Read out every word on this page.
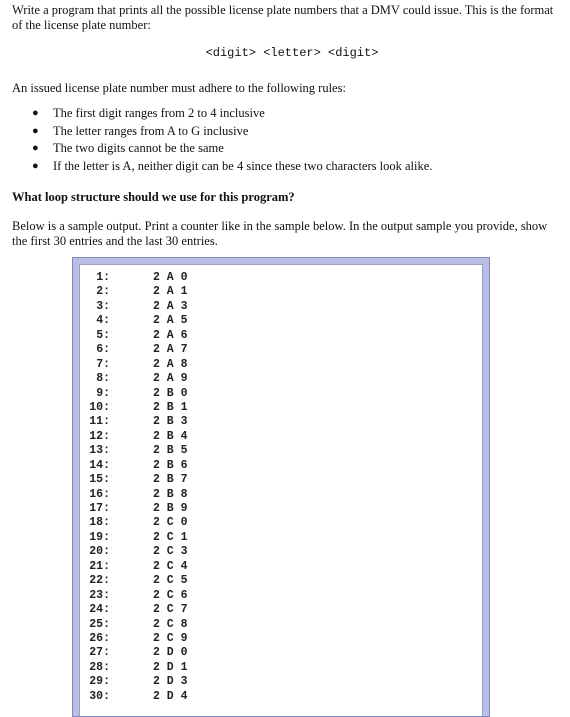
Write a program that prints all the possible license plate numbers that a DMV could issue. This is the format of the license plate number:

<digit> <letter> <digit>

An issued license plate number must adhere to the following rules:

● The first digit ranges from 2 to 4 inclusive
● The letter ranges from A to G inclusive
● The two digits cannot be the same
● If the letter is A, neither digit can be 4 since these two characters look alike.

What loop structure should we use for this program?

Below is a sample output. Print a counter like in the sample below. In the output sample you provide, show the first 30 entries and the last 30 entries.

1:	2 A 0
2:	2 A 1
3:	2 A 3
4:	2 A 5
5:	2 A 6
6:	2 A 7
7:	2 A 8
8:	2 A 9
9:	2 B 0
10:	2 B 1
11:	2 B 3
12:	2 B 4
13:	2 B 5
14:	2 B 6
15:	2 B 7
16:	2 B 8
17:	2 B 9
18:	2 C 0
19:	2 C 1
20:	2 C 3
21:	2 C 4
22:	2 C 5
23:	2 C 6
24:	2 C 7
25:	2 C 8
26:	2 C 9
27:	2 D 0
28:	2 D 1
29:	2 D 3
30:	2 D 4
